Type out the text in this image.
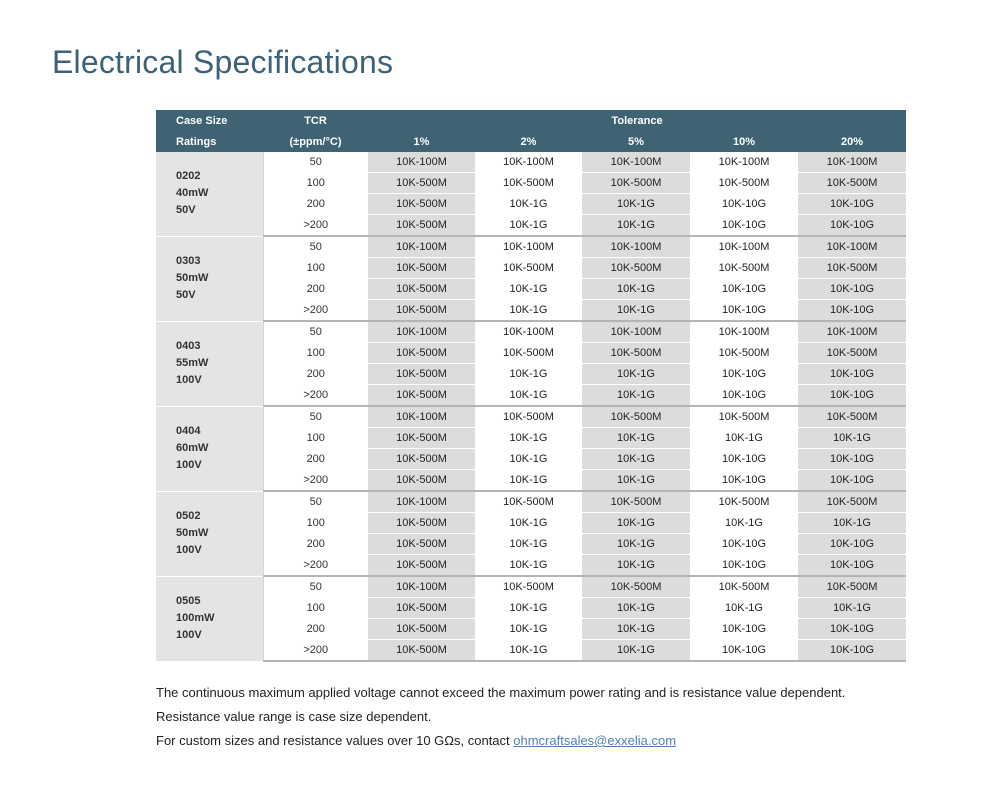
Electrical Specifications
Case Size	TCR	Tolerance				
Ratings	(±ppm/°C)	1%	2%	5%	10%	20%

0202
40mW
50V	50	10K-100M	10K-100M	10K-100M	10K-100M	10K-100M
	100	10K-500M	10K-500M	10K-500M	10K-500M	10K-500M
	200	10K-500M	10K-1G	10K-1G	10K-10G	10K-10G
	>200	10K-500M	10K-1G	10K-1G	10K-10G	10K-10G

0303
50mW
50V	50	10K-100M	10K-100M	10K-100M	10K-100M	10K-100M
	100	10K-500M	10K-500M	10K-500M	10K-500M	10K-500M
	200	10K-500M	10K-1G	10K-1G	10K-10G	10K-10G
	>200	10K-500M	10K-1G	10K-1G	10K-10G	10K-10G

0403
55mW
100V	50	10K-100M	10K-100M	10K-100M	10K-100M	10K-100M
	100	10K-500M	10K-500M	10K-500M	10K-500M	10K-500M
	200	10K-500M	10K-1G	10K-1G	10K-10G	10K-10G
	>200	10K-500M	10K-1G	10K-1G	10K-10G	10K-10G

0404
60mW
100V	50	10K-100M	10K-500M	10K-500M	10K-500M	10K-500M
	100	10K-500M	10K-1G	10K-1G	10K-1G	10K-1G
	200	10K-500M	10K-1G	10K-1G	10K-10G	10K-10G
	>200	10K-500M	10K-1G	10K-1G	10K-10G	10K-10G

0502
50mW
100V	50	10K-100M	10K-500M	10K-500M	10K-500M	10K-500M
	100	10K-500M	10K-1G	10K-1G	10K-1G	10K-1G
	200	10K-500M	10K-1G	10K-1G	10K-10G	10K-10G
	>200	10K-500M	10K-1G	10K-1G	10K-10G	10K-10G

0505
100mW
100V	50	10K-100M	10K-500M	10K-500M	10K-500M	10K-500M
	100	10K-500M	10K-1G	10K-1G	10K-1G	10K-1G
	200	10K-500M	10K-1G	10K-1G	10K-10G	10K-10G
	>200	10K-500M	10K-1G	10K-1G	10K-10G	10K-10G

The continuous maximum applied voltage cannot exceed the maximum power rating and is resistance value dependent.

Resistance value range is case size dependent.

For custom sizes and resistance values over 10 GΩs, contact ohmcraftsales@exxelia.com
